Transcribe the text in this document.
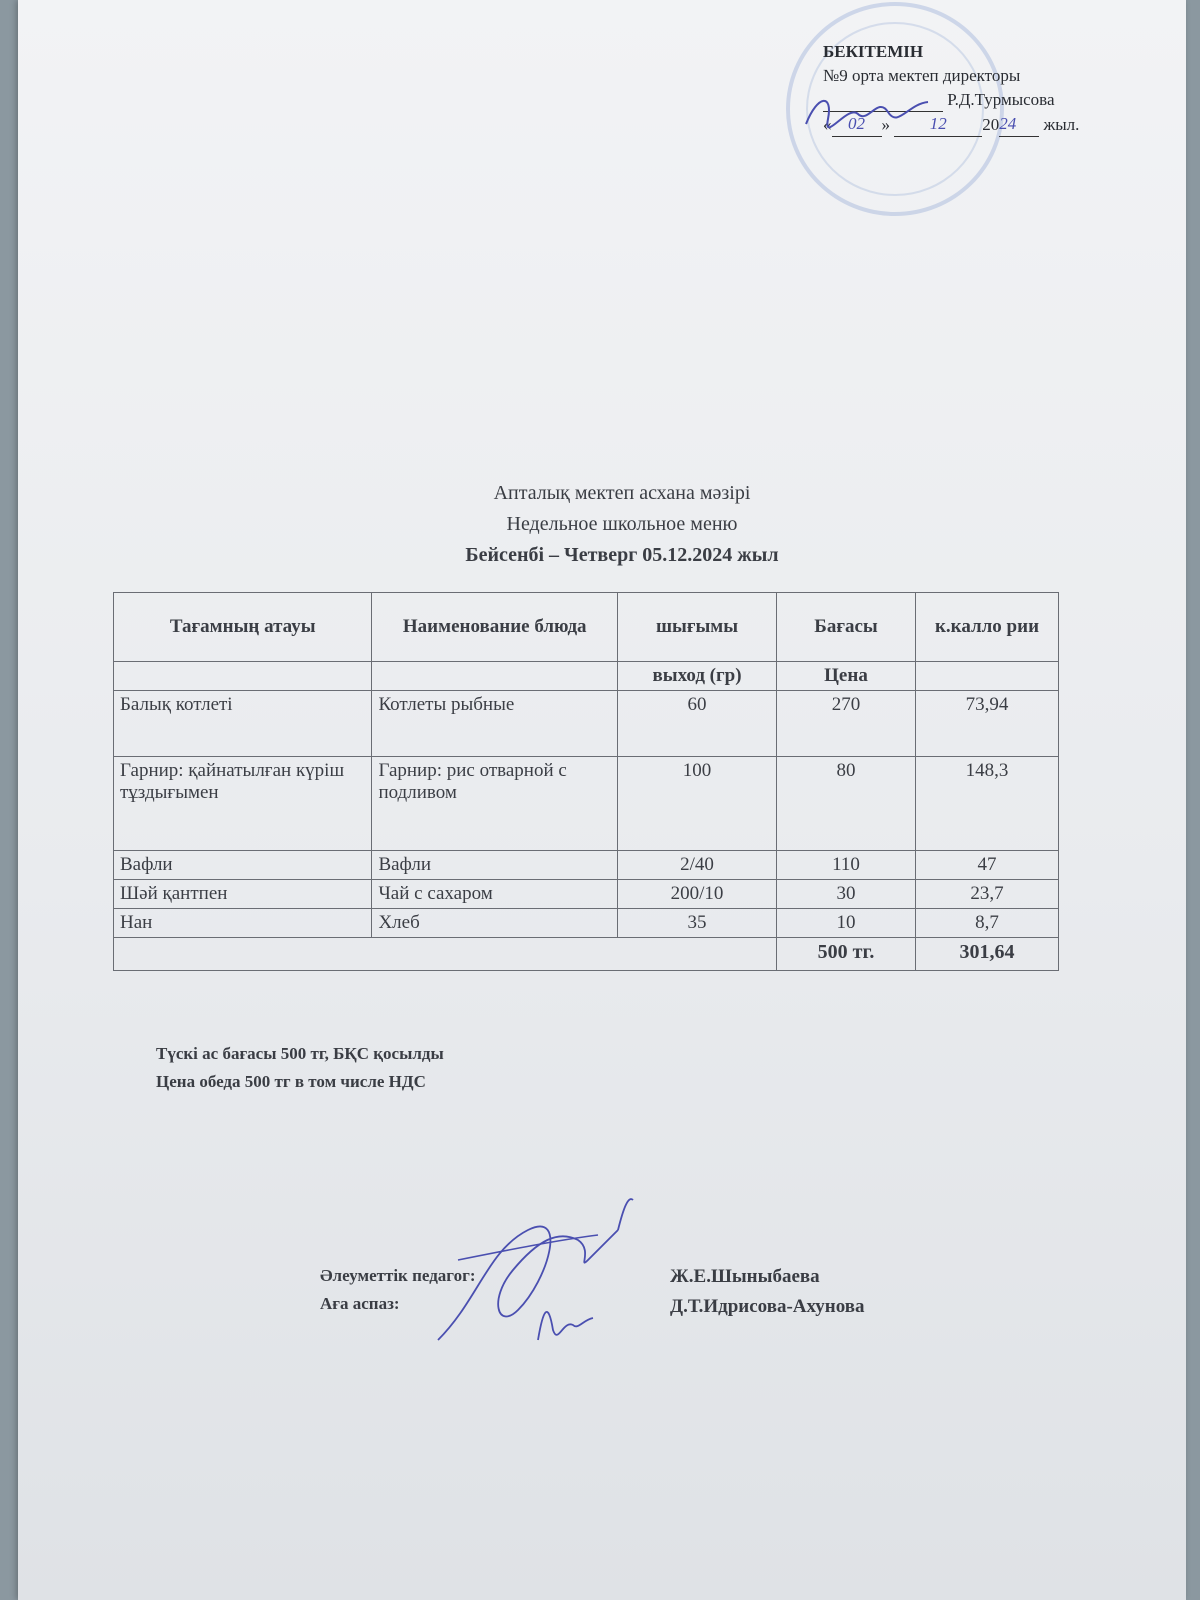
БЕКІТЕМІН
№9 орта мектеп директоры
Р.Д.Турмысова
« 02 » 12 2024 жыл.
Апталық мектеп асхана мәзірі
Недельное школьное меню
Бейсенбі – Четверг 05.12.2024 жыл
Тағамның атауы	Наименование блюда	шығымы	Бағасы	к.калло рии
		выход (гр)	Цена	
Балық котлеті	Котлеты рыбные	60	270	73,94
Гарнир: қайнатылған күріш тұздығымен	Гарнир: рис отварной с подливом	100	80	148,3
Вафли	Вафли	2/40	110	47
Шәй қантпен	Чай с сахаром	200/10	30	23,7
Нан	Хлеб	35	10	8,7
			500 тг.	301,64
Түскі ас бағасы 500 тг, БҚС қосылды
Цена обеда 500 тг в том числе НДС
Әлеуметтік педагог:
Аға аспаз:
Ж.Е.Шыныбаева
Д.Т.Идрисова-Ахунова
